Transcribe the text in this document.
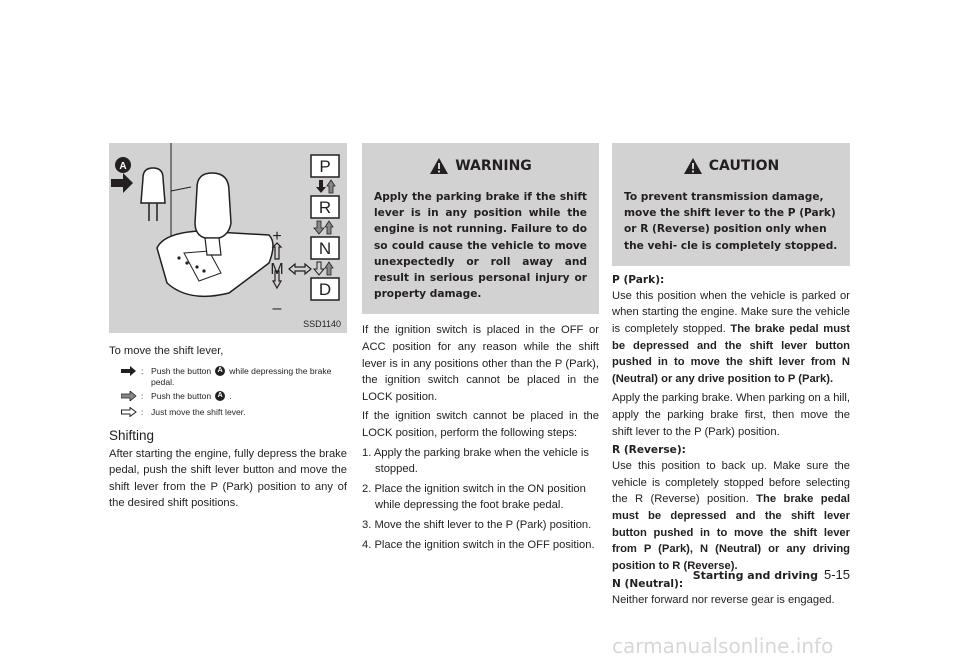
A
+
M
–
P
R
N
D
SSD1140

To move the shift lever,

: Push the button A while depressing the brake pedal.
: Push the button A .
: Just move the shift lever.
Shifting

After starting the engine, fully depress the brake pedal, push the shift lever button and move the shift lever from the P (Park) position to any of the desired shift positions.

WARNING
Apply the parking brake if the shift lever is in any position while the engine is not running. Failure to do so could cause the vehicle to move unexpectedly or roll away and result in serious personal injury or property damage.

If the ignition switch is placed in the OFF or ACC position for any reason while the shift lever is in any positions other than the P (Park), the ignition switch cannot be placed in the LOCK position.

If the ignition switch cannot be placed in the LOCK position, perform the following steps:

1. Apply the parking brake when the vehicle is stopped.
2. Place the ignition switch in the ON position while depressing the foot brake pedal.
3. Move the shift lever to the P (Park) position.
4. Place the ignition switch in the OFF position.
CAUTION
To prevent transmission damage, move the shift lever to the P (Park) or R (Reverse) position only when the vehi- cle is completely stopped.
P (Park):

Use this position when the vehicle is parked or when starting the engine. Make sure the vehicle is completely stopped. The brake pedal must be depressed and the shift lever button pushed in to move the shift lever from N (Neutral) or any drive position to P (Park).

Apply the parking brake. When parking on a hill, apply the parking brake first, then move the shift lever to the P (Park) position.

R (Reverse):

Use this position to back up. Make sure the vehicle is completely stopped before selecting the R (Reverse) position. The brake pedal must be depressed and the shift lever button pushed in to move the shift lever from P (Park), N (Neutral) or any driving position to R (Reverse).

N (Neutral):

Neither forward nor reverse gear is engaged.

Starting and driving 5-15
carmanualsonline.info
